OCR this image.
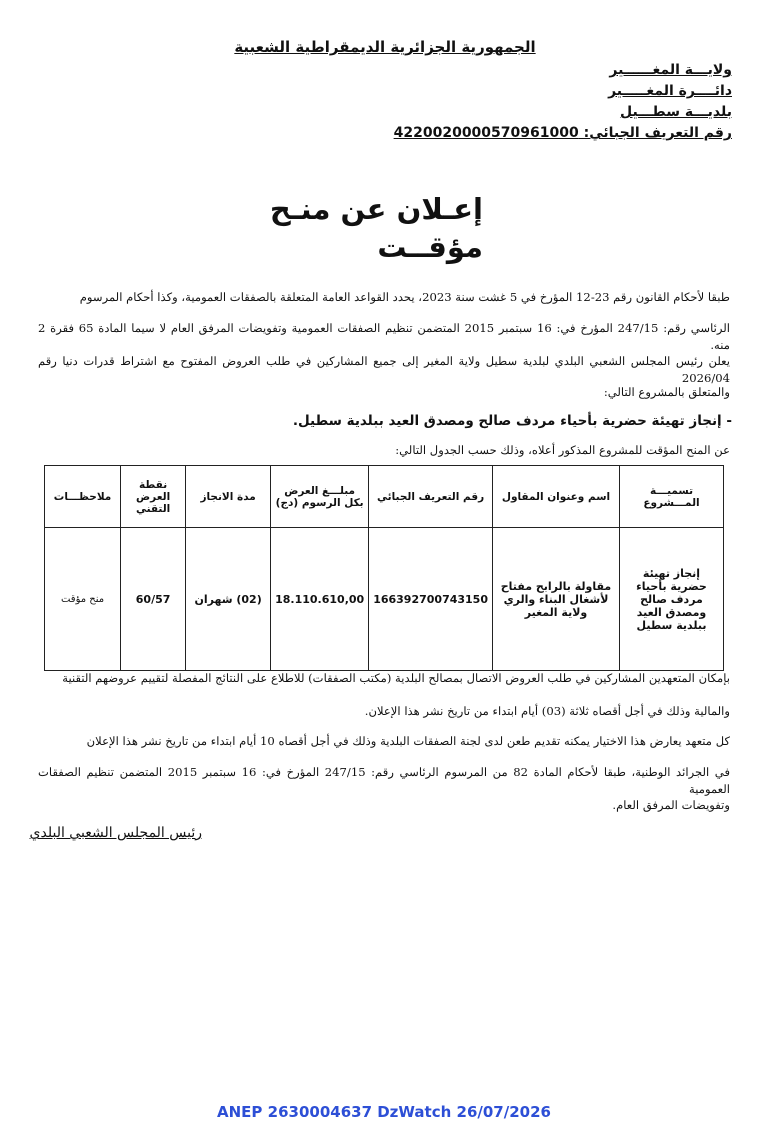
الجمهورية الجزائرية الديمقراطية الشعبية
ولايـــة المغــــــير
دائــــرة المغـــــير
بلديـــة سطـــيل
رقم التعريف الجبائي: 4220020000570961000
إعـلان عن منـح
مؤقــت
طبقا لأحكام القانون رقم 23-12 المؤرخ في 5 غشت سنة 2023، يحدد القواعد العامة المتعلقة بالصفقات العمومية، وكذا أحكام المرسوم
الرئاسي رقم: 247/15 المؤرخ في: 16 سبتمبر 2015 المتضمن تنظيم الصفقات العمومية وتفويضات المرفق العام لا سيما المادة 65 فقرة 2 منه.
يعلن رئيس المجلس الشعبي البلدي لبلدية سطيل ولاية المغير إلى جميع المشاركين في طلب العروض المفتوح مع اشتراط قدرات دنيا رقم 2026/04
والمتعلق بالمشروع التالي:
- إنجاز تهيئة حضرية بأحياء مردف صالح ومصدق العيد ببلدية سطيل.
عن المنح المؤقت للمشروع المذكور أعلاه، وذلك حسب الجدول التالي:
تسميـــة المـــشروع	اسم وعنوان المقاول	رقم التعريف الجبائي	مبلـــغ العرض بكل الرسوم (دج)	مدة الانجاز	نقطة العرض التقني	ملاحظـــات
إنجاز تهيئة حضرية بأحياء مردف صالح ومصدق العيد ببلدية سطيل	مقاولة بالرابح مفتاح لأشغال البناء والري ولاية المغير	166392700743150	18.110.610,00	(02) شهران	60/57	منح مؤقت
بإمكان المتعهدين المشاركين في طلب العروض الاتصال بمصالح البلدية (مكتب الصفقات) للاطلاع على النتائج المفصلة لتقييم عروضهم التقنية
والمالية وذلك في أجل أقصاه ثلاثة (03) أيام ابتداء من تاريخ نشر هذا الإعلان.
كل متعهد يعارض هذا الاختيار يمكنه تقديم طعن لدى لجنة الصفقات البلدية وذلك في أجل أقصاه 10 أيام ابتداء من تاريخ نشر هذا الإعلان
في الجرائد الوطنية، طبقا لأحكام المادة 82 من المرسوم الرئاسي رقم: 247/15 المؤرخ في: 16 سبتمبر 2015 المتضمن تنظيم الصفقات العمومية
وتفويضات المرفق العام.
رئيس المجلس الشعبي البلدي
ANEP 2630004637 DzWatch 26/07/2026
